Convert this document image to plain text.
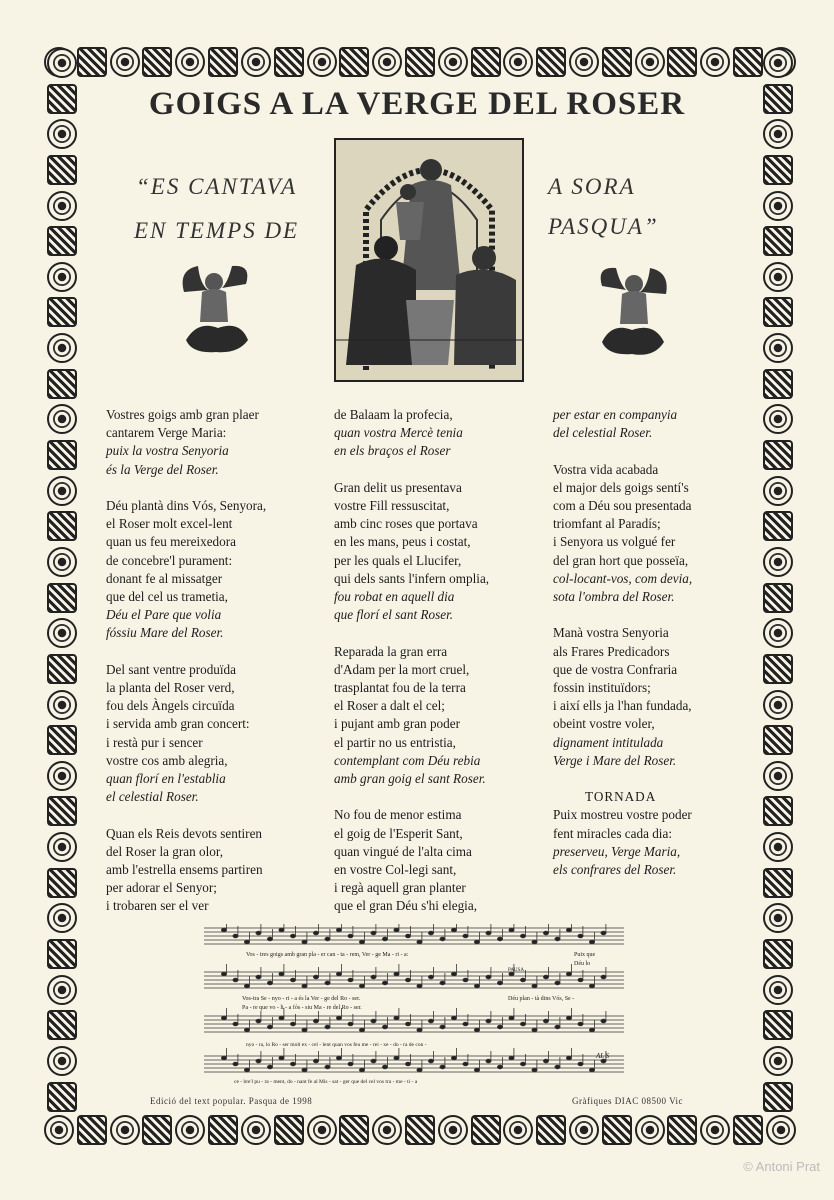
GOIGS A LA VERGE DEL ROSER
“ES CANTAVA	A SORA
EN TEMPS DE	PASQUA”

Vostres goigs amb gran plaer

cantarem Verge Maria:

puix la vostra Senyoria

és la Verge del Roser.

Déu plantà dins Vós, Senyora,

el Roser molt excel-lent

quan us feu mereixedora

de concebre'l purament:

donant fe al missatger

que del cel us trametia,

Déu el Pare que volia

fóssiu Mare del Roser.

Del sant ventre produïda

la planta del Roser verd,

fou dels Àngels circuïda

i servida amb gran concert:

i restà pur i sencer

vostre cos amb alegria,

quan florí en l'establia

el celestial Roser.

Quan els Reis devots sentiren

del Roser la gran olor,

amb l'estrella ensems partiren

per adorar el Senyor;

i trobaren ser el ver

de Balaam la profecia,

quan vostra Mercè tenia

en els braços el Roser

Gran delit us presentava

vostre Fill ressuscitat,

amb cinc roses que portava

en les mans, peus i costat,

per les quals el Llucifer,

qui dels sants l'infern omplia,

fou robat en aquell dia

que florí el sant Roser.

Reparada la gran erra

d'Adam per la mort cruel,

trasplantat fou de la terra

el Roser a dalt el cel;

i pujant amb gran poder

el partir no us entristia,

contemplant com Déu rebia

amb gran goig el sant Roser.

No fou de menor estima

el goig de l'Esperit Sant,

quan vingué de l'alta cima

en vostre Col-legi sant,

i regà aquell gran planter

que el gran Déu s'hi elegia,

per estar en companyia

del celestial Roser.

Vostra vida acabada

el major dels goigs sentí's

com a Déu sou presentada

triomfant al Paradís;

i Senyora us volgué fer

del gran hort que posseïa,

col-locant-vos, com devia,

sota l'ombra del Roser.

Manà vostra Senyoria

als Frares Predicadors

que de vostra Confraria

fossin instituïdors;

i així ells ja l'han fundada,

obeint vostre voler,

dignament intitulada

Verge i Mare del Roser.

TORNADA

Puix mostreu vostre poder

fent miracles cada dia:

preserveu, Verge Maria,

els confrares del Roser.

Vos - tres goigs amb gran pla - er can - ta - rem, Ver - ge Ma - ri - a:	Puix que
Déu lo
PAUSA
Vos-tra Se - nyo - ri - a és la Ver - ge del Ro - ser.
Pa - re que vo - li - a fós - siu Ma - re del Ro - ser.
Déu plan - tà dins Vós, Se -
nyo - ra, lo Ro - ser molt ex - cel - lent quan vos feu me - rei - xe - do - ra de con -
ce - bre'l pu - ra - ment, do - nant fe al Mis - sat - ger que del cel vos tra - me - ti - a
AL S
Edició del text popular. Pasqua de 1998	Gràfiques DIAC 08500 Vic
© Antoni Prat
